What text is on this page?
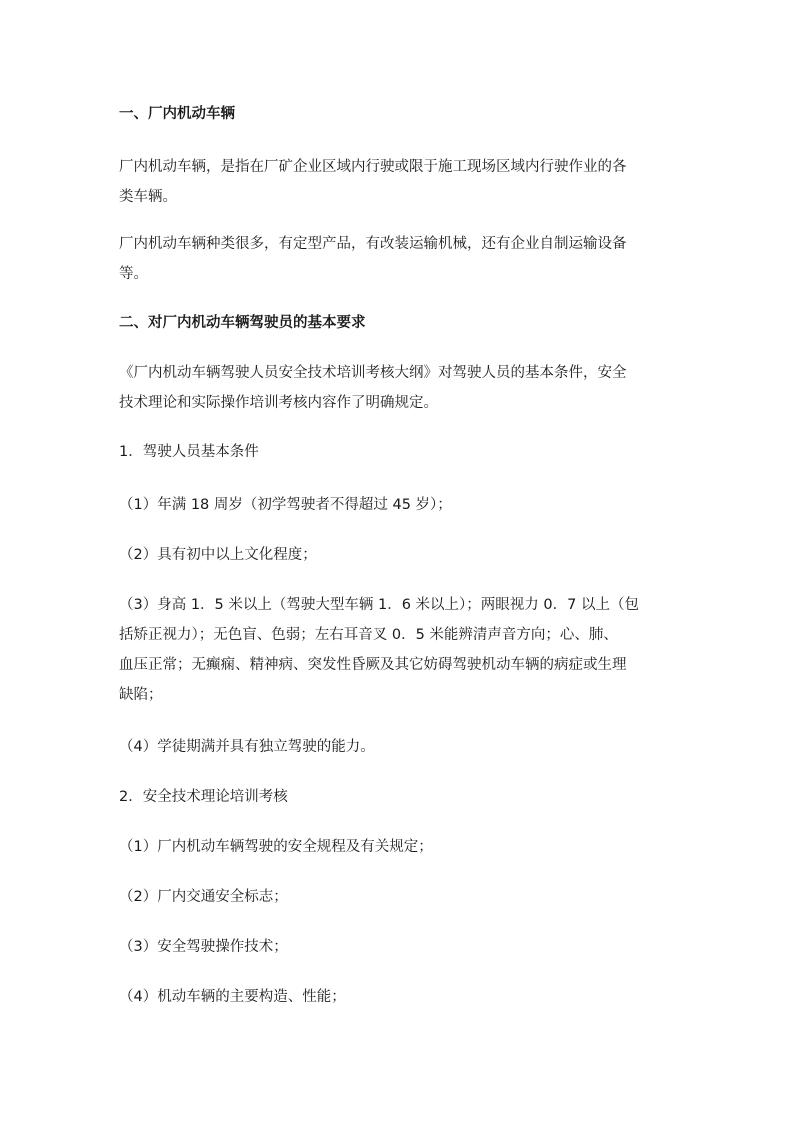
一、厂内机动车辆

厂内机动车辆，是指在厂矿企业区域内行驶或限于施工现场区域内行驶作业的各
类车辆。

厂内机动车辆种类很多，有定型产品，有改装运输机械，还有企业自制运输设备
等。

二、对厂内机动车辆驾驶员的基本要求

《厂内机动车辆驾驶人员安全技术培训考核大纲》对驾驶人员的基本条件，安全
技术理论和实际操作培训考核内容作了明确规定。

1．驾驶人员基本条件

（1）年满 18 周岁（初学驾驶者不得超过 45 岁）；

（2）具有初中以上文化程度；

（3）身高 1．5 米以上（驾驶大型车辆 1．6 米以上）；两眼视力 0．7 以上（包
括矫正视力）；无色盲、色弱；左右耳音叉 0．5 米能辨清声音方向；心、肺、
血压正常；无癫痫、精神病、突发性昏厥及其它妨碍驾驶机动车辆的病症或生理
缺陷；

（4）学徒期满并具有独立驾驶的能力。

2．安全技术理论培训考核

（1）厂内机动车辆驾驶的安全规程及有关规定；

（2）厂内交通安全标志；

（3）安全驾驶操作技术；

（4）机动车辆的主要构造、性能；
